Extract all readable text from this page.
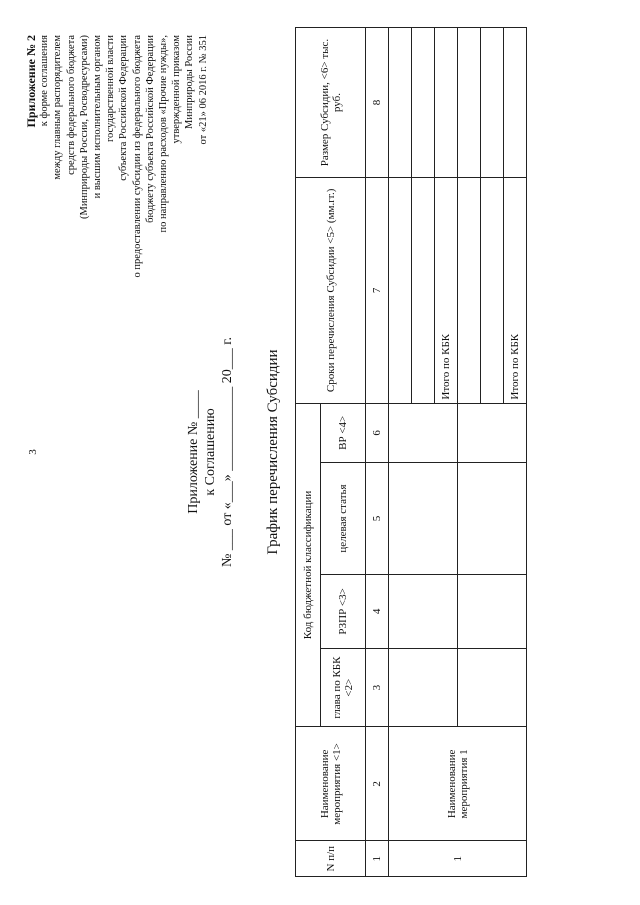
3
Приложение № 2 к форме соглашения между главным распорядителем средств федерального бюджета (Минприроды России, Росводресурсами) и высшим исполнительным органом государственной власти субъекта Российской Федерации о предоставлении субсидии из федерального бюджета бюджету субъекта Российской Федерации по направлению расходов «Прочие нужды», утвержденной приказом Минприроды России от «21» 06 2016 г. № 351
Приложение № ____ к Соглашению № ___ от «___» ____________ 20___ г. График перечисления Субсидии
N п/п	Наименование мероприятия <1>	Код бюджетной классификации				Сроки перечисления Субсидии <5> (мм.гг.)	Размер Субсидии, <6> тыс. руб.
		глава по КБК <2>	РЗПР <3>	целевая статья	ВР <4>		
1	2	3	4	5	6	7	8
1	Наименование мероприятия 1						

						Итого по КБК	

						Итого по КБК	
